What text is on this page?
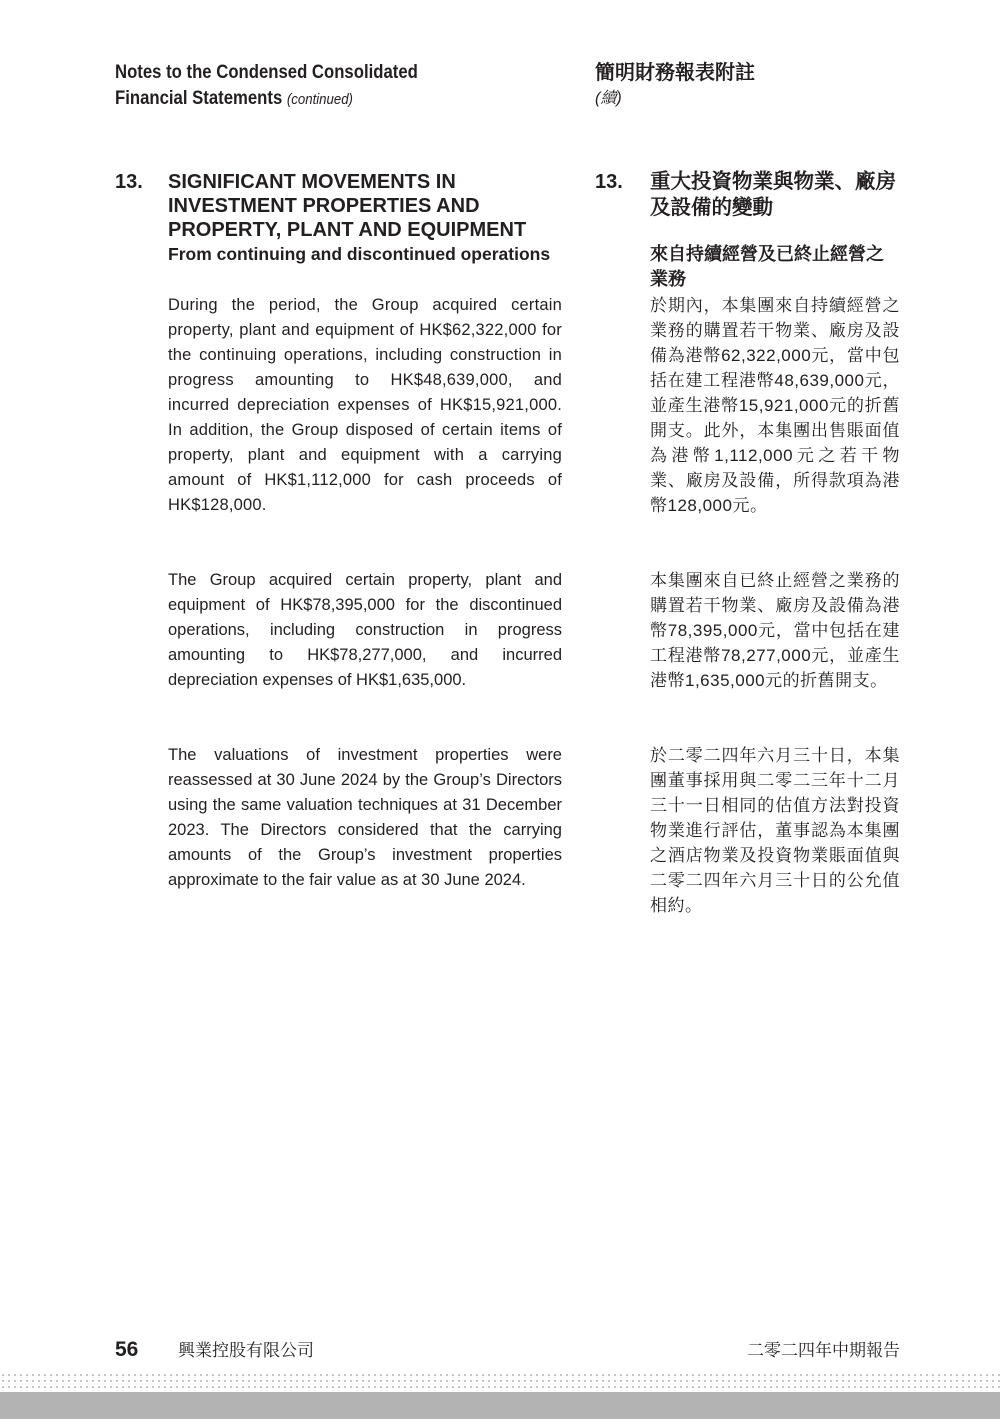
Notes to the Condensed Consolidated
Financial Statements (continued)
簡明財務報表附註
(續)
13. SIGNIFICANT MOVEMENTS IN INVESTMENT PROPERTIES AND PROPERTY, PLANT AND EQUIPMENT
From continuing and discontinued operations
13. 重大投資物業與物業、廠房及設備的變動
來自持續經營及已終止經營之業務
During the period, the Group acquired certain property, plant and equipment of HK$62,322,000 for the continuing operations, including construction in progress amounting to HK$48,639,000, and incurred depreciation expenses of HK$15,921,000. In addition, the Group disposed of certain items of property, plant and equipment with a carrying amount of HK$1,112,000 for cash proceeds of HK$128,000.
The Group acquired certain property, plant and equipment of HK$78,395,000 for the discontinued operations, including construction in progress amounting to HK$78,277,000, and incurred depreciation expenses of HK$1,635,000.
The valuations of investment properties were reassessed at 30 June 2024 by the Group’s Directors using the same valuation techniques at 31 December 2023. The Directors considered that the carrying amounts of the Group’s investment properties approximate to the fair value as at 30 June 2024.
於期內，本集團來自持續經營之業務的購置若干物業、廠房及設備為港幣62,322,000元，當中包括在建工程港幣48,639,000元，並產生港幣15,921,000元的折舊開支。此外，本集團出售賬面值為港幣1,112,000元之若干物業、廠房及設備，所得款項為港幣128,000元。
本集團來自已終止經營之業務的購置若干物業、廠房及設備為港幣78,395,000元，當中包括在建工程港幣78,277,000元，並產生港幣1,635,000元的折舊開支。
於二零二四年六月三十日，本集團董事採用與二零二三年十二月三十一日相同的估值方法對投資物業進行評估，董事認為本集團之酒店物業及投資物業賬面值與二零二四年六月三十日的公允值相約。
56 興業控股有限公司	二零二四年中期報告
